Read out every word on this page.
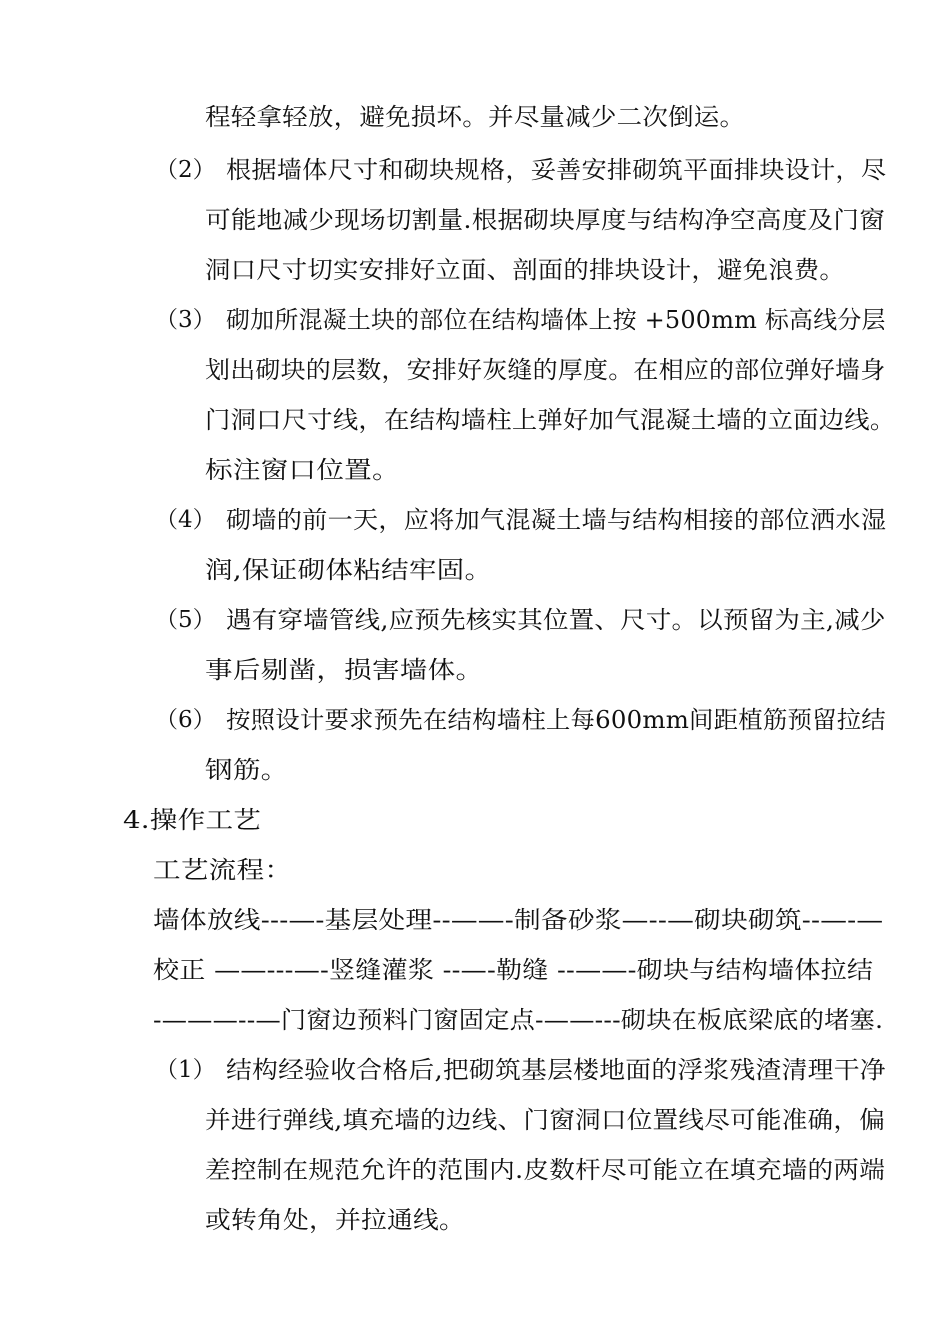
程轻拿轻放，避免损坏。并尽量减少二次倒运。
（2） 根据墙体尺寸和砌块规格，妥善安排砌筑平面排块设计，尽
可能地减少现场切割量.根据砌块厚度与结构净空高度及门窗
洞口尺寸切实安排好立面、剖面的排块设计，避免浪费。
（3） 砌加所混凝土块的部位在结构墙体上按 +500mm 标高线分层
划出砌块的层数，安排好灰缝的厚度。在相应的部位弹好墙身
门洞口尺寸线，在结构墙柱上弹好加气混凝土墙的立面边线。
标注窗口位置。
（4） 砌墙的前一天，应将加气混凝土墙与结构相接的部位洒水湿
润,保证砌体粘结牢固。
（5） 遇有穿墙管线,应预先核实其位置、尺寸。以预留为主,减少
事后剔凿，损害墙体。
（6） 按照设计要求预先在结构墙柱上每600mm间距植筋预留拉结
钢筋。
4.操作工艺
工艺流程：
墙体放线---—-基层处理--——-制备砂浆—--—砌块砌筑--—-—
校正 ——---—-竖缝灌浆 --—-勒缝 --——-砌块与结构墙体拉结
-———--—门窗边预料门窗固定点-——---砌块在板底梁底的堵塞.
（1） 结构经验收合格后,把砌筑基层楼地面的浮浆残渣清理干净
并进行弹线,填充墙的边线、门窗洞口位置线尽可能准确，偏
差控制在规范允许的范围内.皮数杆尽可能立在填充墙的两端
或转角处，并拉通线。
